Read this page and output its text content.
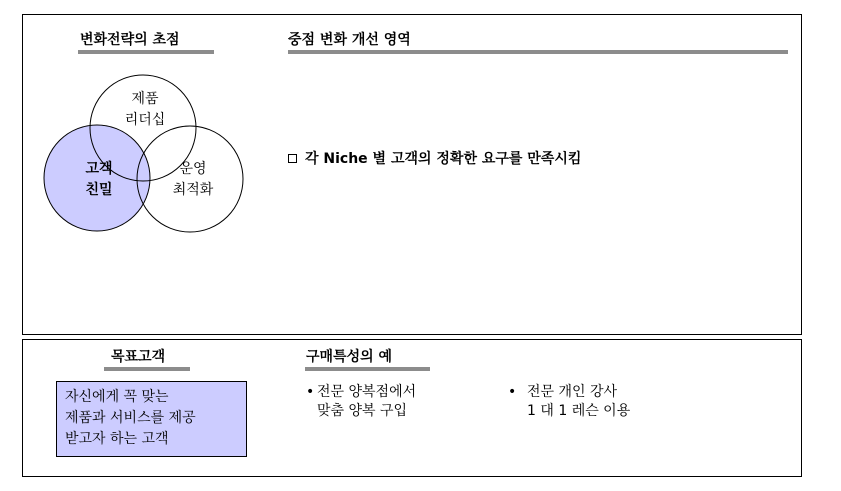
변화전략의 초점	중점 변화 개선 영역
제품
리더십
고객
친밀
운영
최적화
각 Niche 별 고객의 정확한 요구를 만족시킴
목표고객
자신에게 꼭 맞는
제품과 서비스를 제공
받고자 하는 고객
구매특성의 예
• 전문 양복점에서
맞춤 양복 구입
• 전문 개인 강사
1 대 1 레슨 이용
